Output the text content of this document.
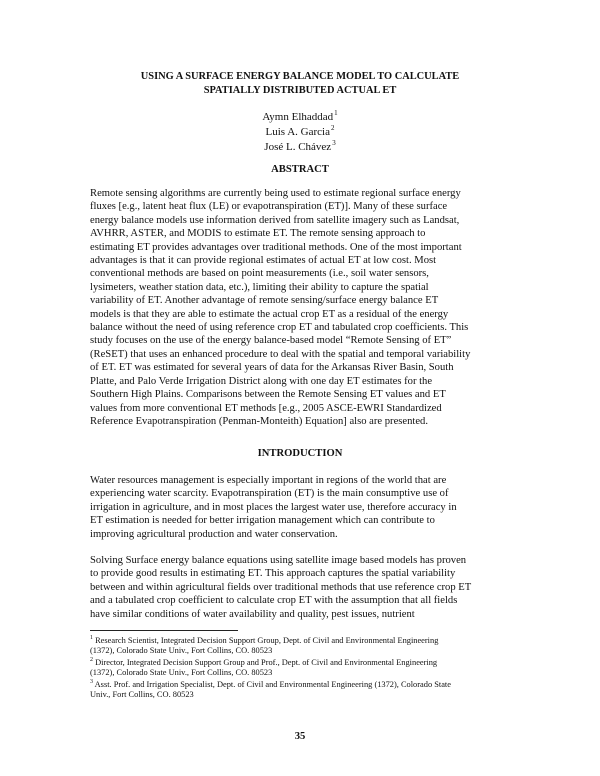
USING A SURFACE ENERGY BALANCE MODEL TO CALCULATE
SPATIALLY DISTRIBUTED ACTUAL ET
Aymn Elhaddad$^1$
Luis A. Garcia$^2$
José L. Chávez$^3$
ABSTRACT
Remote sensing algorithms are currently being used to estimate regional surface energy
fluxes [e.g., latent heat flux (LE) or evapotranspiration (ET)]. Many of these surface
energy balance models use information derived from satellite imagery such as Landsat,
AVHRR, ASTER, and MODIS to estimate ET. The remote sensing approach to
estimating ET provides advantages over traditional methods. One of the most important
advantages is that it can provide regional estimates of actual ET at low cost. Most
conventional methods are based on point measurements (i.e., soil water sensors,
lysimeters, weather station data, etc.), limiting their ability to capture the spatial
variability of ET. Another advantage of remote sensing/surface energy balance ET
models is that they are able to estimate the actual crop ET as a residual of the energy
balance without the need of using reference crop ET and tabulated crop coefficients. This
study focuses on the use of the energy balance-based model “Remote Sensing of ET”
(ReSET) that uses an enhanced procedure to deal with the spatial and temporal variability
of ET. ET was estimated for several years of data for the Arkansas River Basin, South
Platte, and Palo Verde Irrigation District along with one day ET estimates for the
Southern High Plains. Comparisons between the Remote Sensing ET values and ET
values from more conventional ET methods [e.g., 2005 ASCE-EWRI Standardized
Reference Evapotranspiration (Penman-Monteith) Equation] also are presented.
INTRODUCTION
Water resources management is especially important in regions of the world that are
experiencing water scarcity. Evapotranspiration (ET) is the main consumptive use of
irrigation in agriculture, and in most places the largest water use, therefore accuracy in
ET estimation is needed for better irrigation management which can contribute to
improving agricultural production and water conservation.
Solving Surface energy balance equations using satellite image based models has proven
to provide good results in estimating ET. This approach captures the spatial variability
between and within agricultural fields over traditional methods that use reference crop ET
and a tabulated crop coefficient to calculate crop ET with the assumption that all fields
have similar conditions of water availability and quality, pest issues, nutrient
$^1$ Research Scientist, Integrated Decision Support Group, Dept. of Civil and Environmental Engineering
(1372), Colorado State Univ., Fort Collins, CO. 80523
$^2$ Director, Integrated Decision Support Group and Prof., Dept. of Civil and Environmental Engineering
(1372), Colorado State Univ., Fort Collins, CO. 80523
$^3$ Asst. Prof. and Irrigation Specialist, Dept. of Civil and Environmental Engineering (1372), Colorado State
Univ., Fort Collins, CO. 80523
35
